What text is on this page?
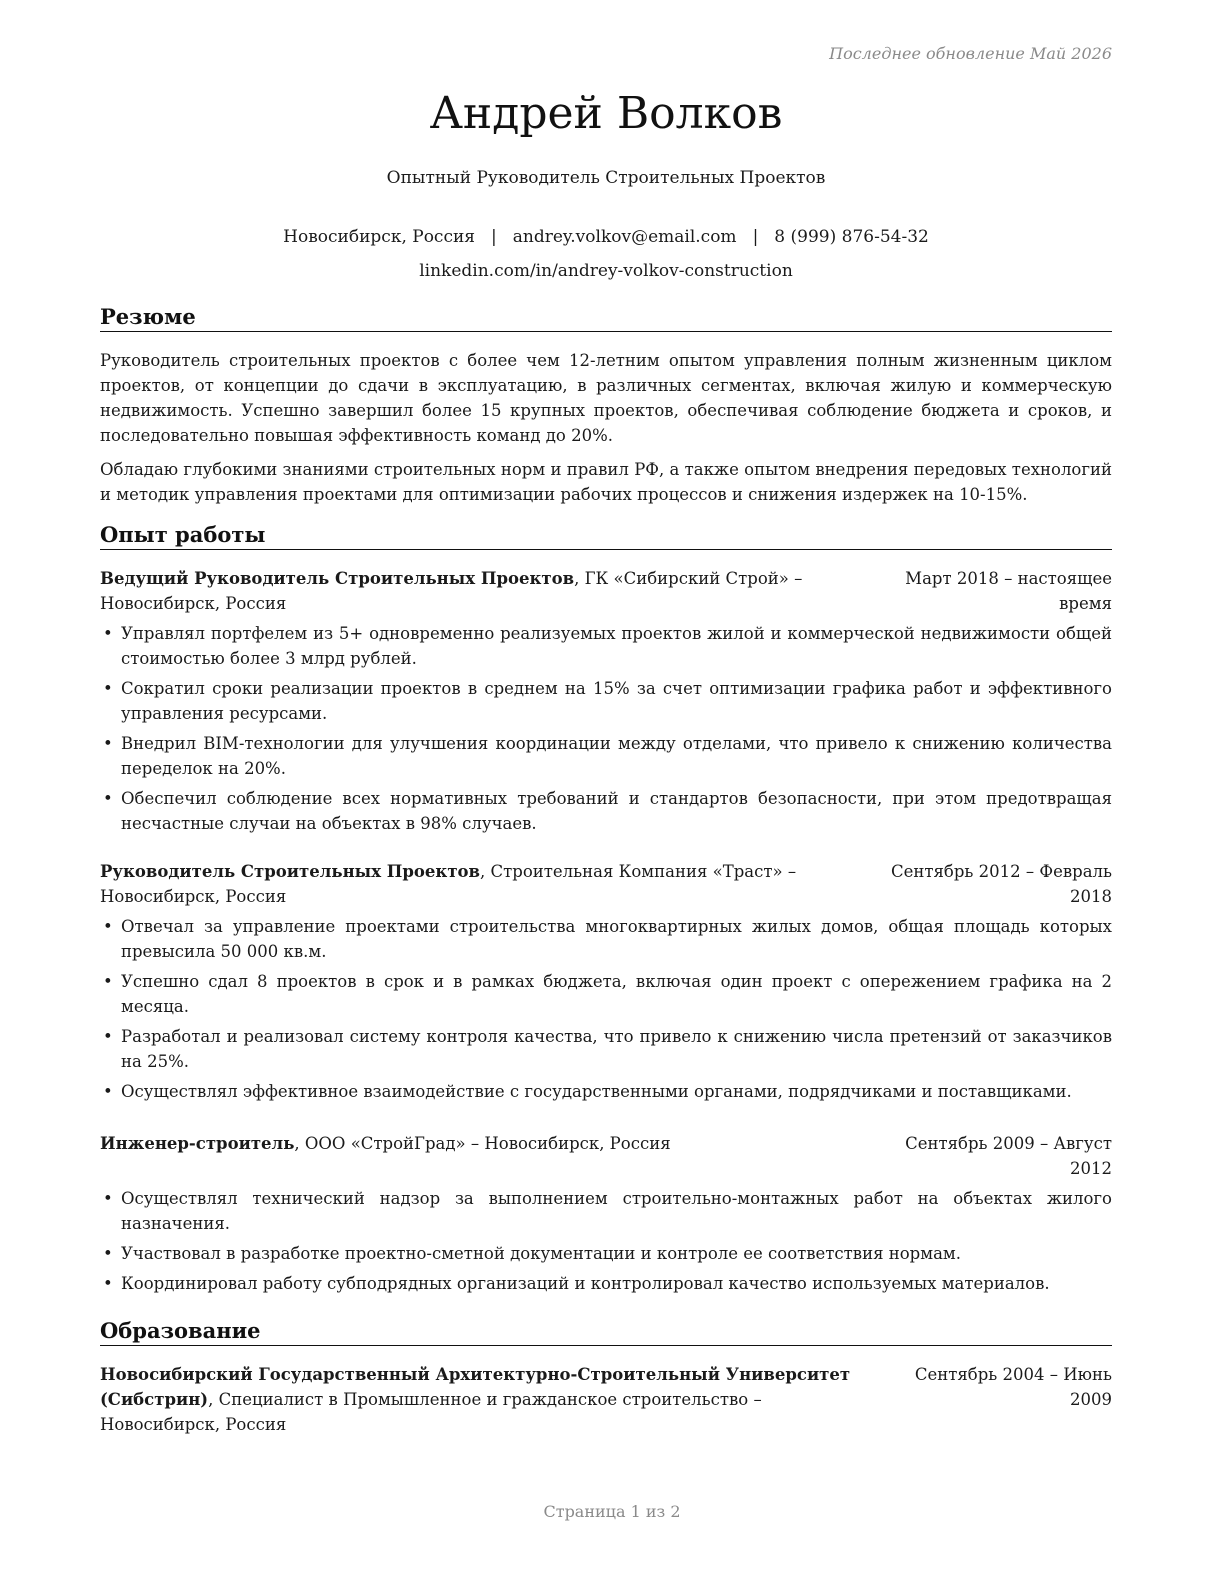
Последнее обновление Май 2026
Андрей Волков
Опытный Руководитель Строительных Проектов
Новосибирск, Россия | andrey.volkov@email.com | 8 (999) 876-54-32
linkedin.com/in/andrey-volkov-construction
Резюме
Руководитель строительных проектов с более чем 12-летним опытом управления полным жизненным циклом проектов, от концепции до сдачи в эксплуатацию, в различных сегментах, включая жилую и коммерческую недвижимость. Успешно завершил более 15 крупных проектов, обеспечивая соблюдение бюджета и сроков, и последовательно повышая эффективность команд до 20%.
Обладаю глубокими знаниями строительных норм и правил РФ, а также опытом внедрения передовых технологий и методик управления проектами для оптимизации рабочих процессов и снижения издержек на 10-15%.
Опыт работы
Ведущий Руководитель Строительных Проектов, ГК «Сибирский Строй» – Новосибирск, Россия
Март 2018 – настоящее время
• Управлял портфелем из 5+ одновременно реализуемых проектов жилой и коммерческой недвижимости общей стоимостью более 3 млрд рублей.
• Сократил сроки реализации проектов в среднем на 15% за счет оптимизации графика работ и эффективного управления ресурсами.
• Внедрил BIM-технологии для улучшения координации между отделами, что привело к снижению количества переделок на 20%.
• Обеспечил соблюдение всех нормативных требований и стандартов безопасности, при этом предотвращая несчастные случаи на объектах в 98% случаев.
Руководитель Строительных Проектов, Строительная Компания «Траст» – Новосибирск, Россия
Сентябрь 2012 – Февраль 2018
• Отвечал за управление проектами строительства многоквартирных жилых домов, общая площадь которых превысила 50 000 кв.м.
• Успешно сдал 8 проектов в срок и в рамках бюджета, включая один проект с опережением графика на 2 месяца.
• Разработал и реализовал систему контроля качества, что привело к снижению числа претензий от заказчиков на 25%.
• Осуществлял эффективное взаимодействие с государственными органами, подрядчиками и поставщиками.
Инженер-строитель, ООО «СтройГрад» – Новосибирск, Россия	Сентябрь 2009 – Август 2012
• Осуществлял технический надзор за выполнением строительно-монтажных работ на объектах жилого назначения.
• Участвовал в разработке проектно-сметной документации и контроле ее соответствия нормам.
• Координировал работу субподрядных организаций и контролировал качество используемых материалов.
Образование
Новосибирский Государственный Архитектурно-Строительный Университет (Сибстрин), Специалист в Промышленное и гражданское строительство – Новосибирск, Россия
Сентябрь 2004 – Июнь 2009
Страница 1 из 2
